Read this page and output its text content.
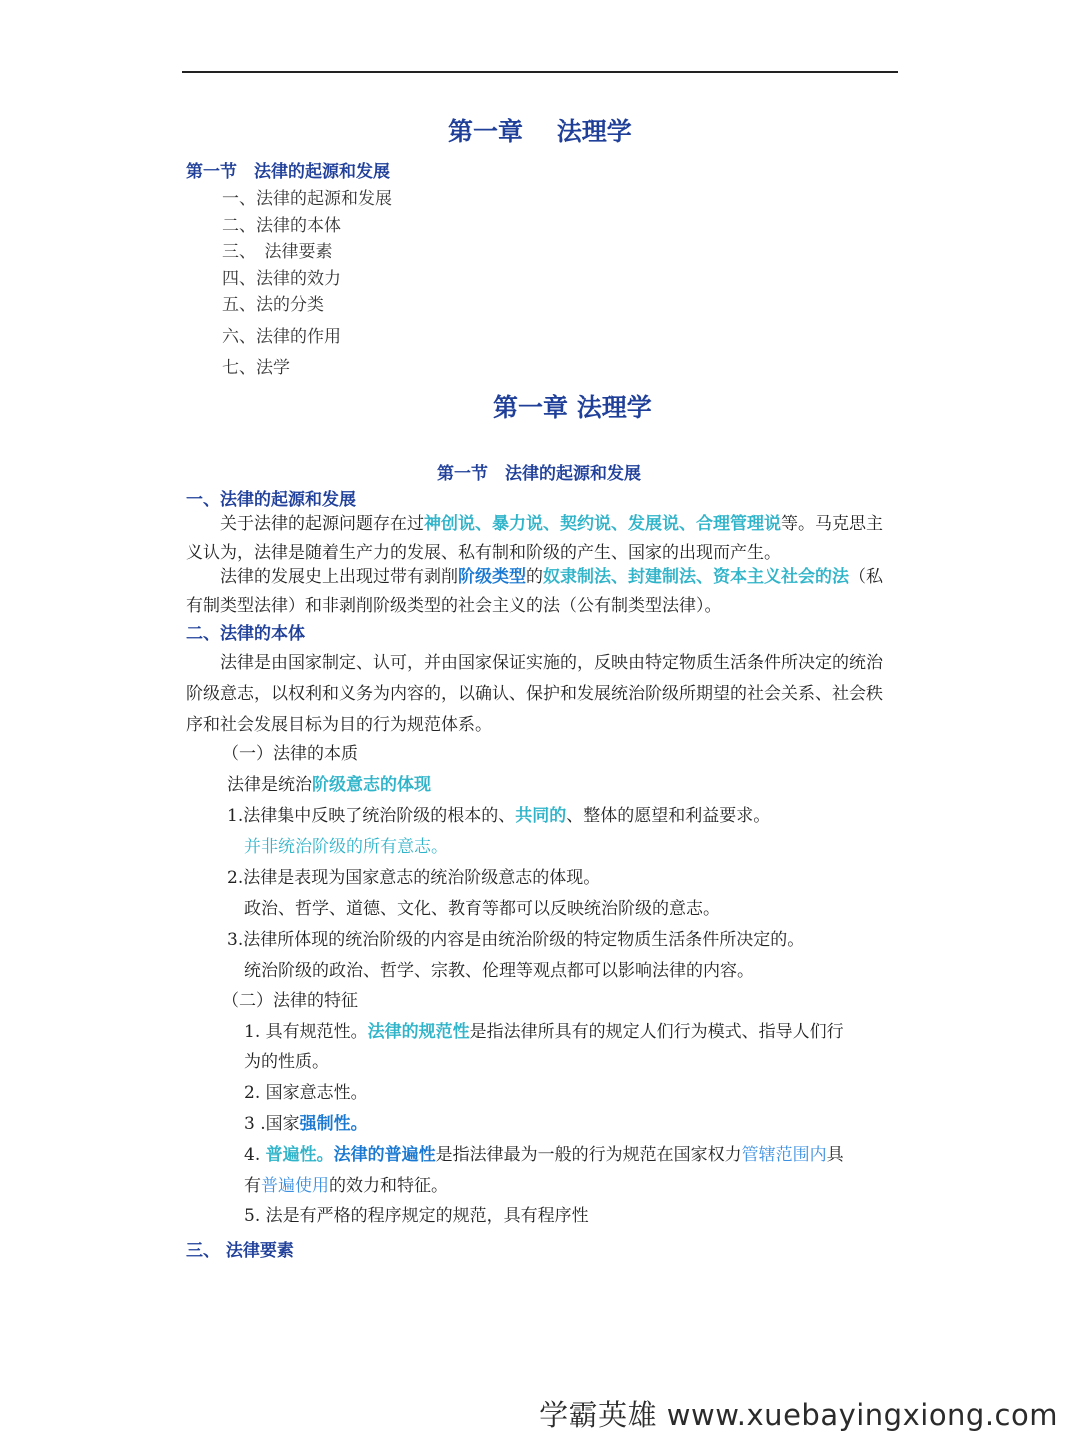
第一章　 法理学
第一节　法律的起源和发展
一、法律的起源和发展
二、法律的本体
三、　法律要素
四、法律的效力
五、法的分类
六、法律的作用
七、法学
第一章 法理学
第一节　法律的起源和发展
一、法律的起源和发展
关于法律的起源问题存在过神创说、暴力说、契约说、发展说、合理管理说等。马克思主义认为，法律是随着生产力的发展、私有制和阶级的产生、国家的出现而产生。
法律的发展史上出现过带有剥削阶级类型的奴隶制法、封建制法、资本主义社会的法（私有制类型法律）和非剥削阶级类型的社会主义的法（公有制类型法律）。
二、法律的本体
法律是由国家制定、认可，并由国家保证实施的，反映由特定物质生活条件所决定的统治阶级意志，以权利和义务为内容的，以确认、保护和发展统治阶级所期望的社会关系、社会秩序和社会发展目标为目的行为规范体系。
（一）法律的本质
法律是统治阶级意志的体现
1.法律集中反映了统治阶级的根本的、共同的、整体的愿望和利益要求。
并非统治阶级的所有意志。
2.法律是表现为国家意志的统治阶级意志的体现。
政治、哲学、道德、文化、教育等都可以反映统治阶级的意志。
3.法律所体现的统治阶级的内容是由统治阶级的特定物质生活条件所决定的。
统治阶级的政治、哲学、宗教、伦理等观点都可以影响法律的内容。
（二）法律的特征
1. 具有规范性。法律的规范性是指法律所具有的规定人们行为模式、指导人们行
为的性质。
2. 国家意志性。
3 .国家强制性。
4. 普遍性。法律的普遍性是指法律最为一般的行为规范在国家权力管辖范围内具
有普遍使用的效力和特征。
5. 法是有严格的程序规定的规范，具有程序性
三、 法律要素
学霸英雄 www.xuebayingxiong.com
